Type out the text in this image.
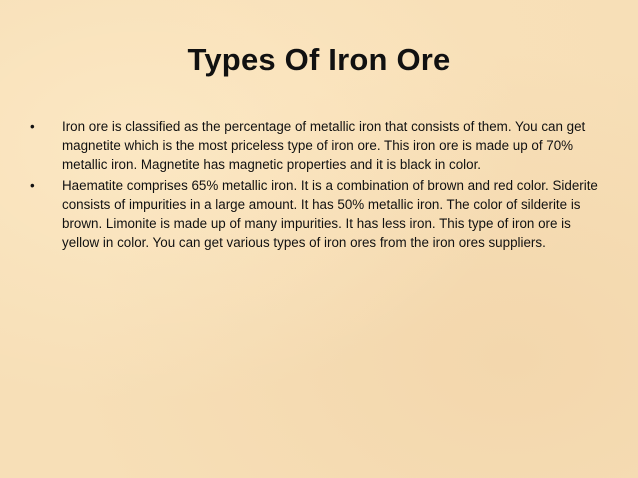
Types Of Iron Ore
•	Iron ore is classified as the percentage of metallic iron that consists of them. You can get magnetite which is the most priceless type of iron ore. This iron ore is made up of 70% metallic iron. Magnetite has magnetic properties and it is black in color.
•	Haematite comprises 65% metallic iron. It is a combination of brown and red color. Siderite consists of impurities in a large amount. It has 50% metallic iron. The color of silderite is brown. Limonite is made up of many impurities. It has less iron. This type of iron ore is yellow in color. You can get various types of iron ores from the iron ores suppliers.
